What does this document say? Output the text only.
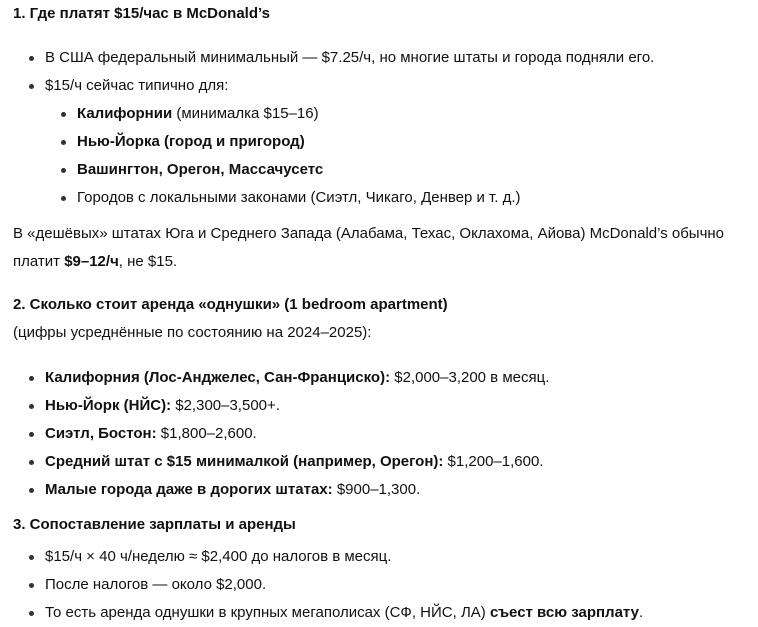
1. Где платят $15/час в McDonald’s
В США федеральный минимальный — $7.25/ч, но многие штаты и города подняли его.
$15/ч сейчас типично для:
Калифорнии (минималка $15–16)
Нью-Йорка (город и пригород)
Вашингтон, Орегон, Массачусетс
Городов с локальными законами (Сиэтл, Чикаго, Денвер и т. д.)
В «дешёвых» штатах Юга и Среднего Запада (Алабама, Техас, Оклахома, Айова) McDonald’s обычно
платит $9–12/ч, не $15.
2. Сколько стоит аренда «однушки» (1 bedroom apartment)
(цифры усреднённые по состоянию на 2024–2025):
Калифорния (Лос-Анджелес, Сан-Франциско): $2,000–3,200 в месяц.
Нью-Йорк (НЙС): $2,300–3,500+.
Сиэтл, Бостон: $1,800–2,600.
Средний штат с $15 минималкой (например, Орегон): $1,200–1,600.
Малые города даже в дорогих штатах: $900–1,300.
3. Сопоставление зарплаты и аренды
$15/ч × 40 ч/неделю ≈ $2,400 до налогов в месяц.
После налогов — около $2,000.
То есть аренда однушки в крупных мегаполисах (СФ, НЙС, ЛА) съест всю зарплату.
